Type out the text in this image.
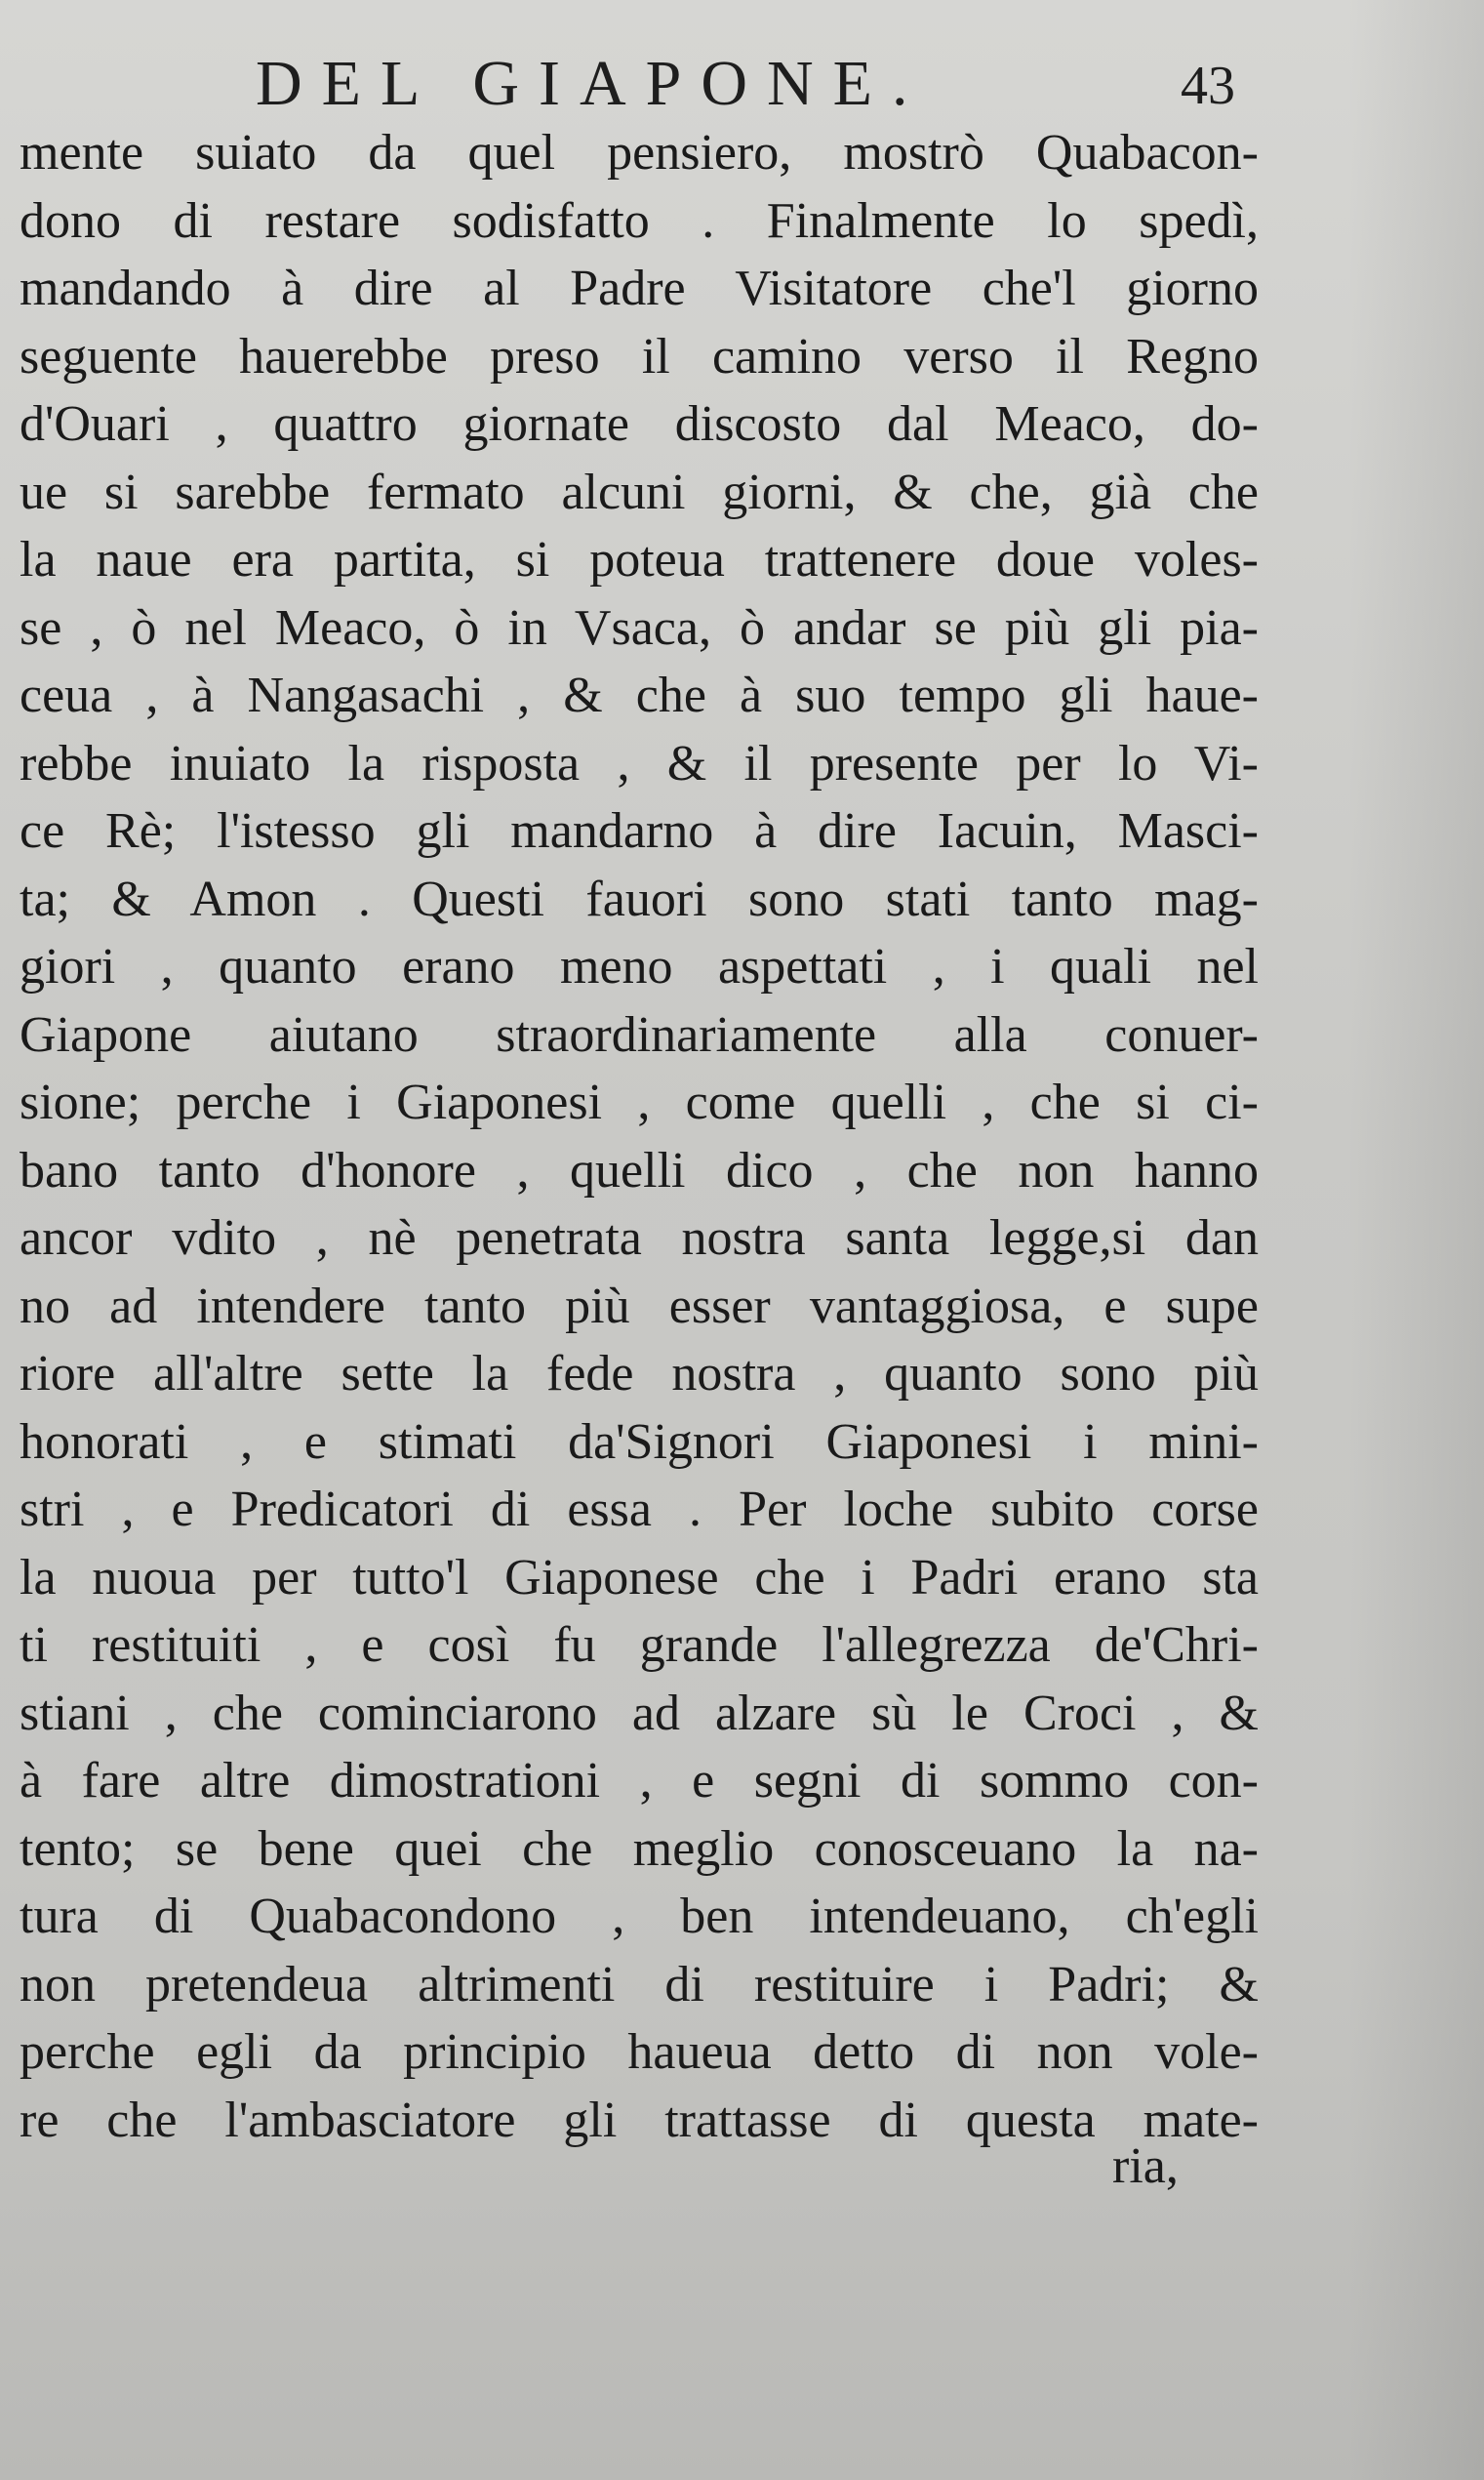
DEL GIAPONE.	43
mente suiato da quel pensiero, mostrò Quabacon-
dono di restare sodisfatto . Finalmente lo spedì,
mandando à dire al Padre Visitatore che'l giorno
seguente hauerebbe preso il camino verso il Regno
d'Ouari , quattro giornate discosto dal Meaco, do-
ue si sarebbe fermato alcuni giorni, & che, già che
la naue era partita, si poteua trattenere doue voles-
se , ò nel Meaco, ò in Vsaca, ò andar se più gli pia-
ceua , à Nangasachi , & che à suo tempo gli haue-
rebbe inuiato la risposta , & il presente per lo Vi-
ce Rè; l'istesso gli mandarno à dire Iacuin, Masci-
ta; & Amon . Questi fauori sono stati tanto mag-
giori , quanto erano meno aspettati , i quali nel
Giapone aiutano straordinariamente alla conuer-
sione; perche i Giaponesi , come quelli , che si ci-
bano tanto d'honore , quelli dico , che non hanno
ancor vdito , nè penetrata nostra santa legge,si dan
no ad intendere tanto più esser vantaggiosa, e supe
riore all'altre sette la fede nostra , quanto sono più
honorati , e stimati da'Signori Giaponesi i mini-
stri , e Predicatori di essa . Per loche subito corse
la nuoua per tutto'l Giaponese che i Padri erano sta
ti restituiti , e così fu grande l'allegrezza de'Chri-
stiani , che cominciarono ad alzare sù le Croci , &
à fare altre dimostrationi , e segni di sommo con-
tento; se bene quei che meglio conosceuano la na-
tura di Quabacondono , ben intendeuano, ch'egli
non pretendeua altrimenti di restituire i Padri; &
perche egli da principio haueua detto di non vole-
re che l'ambasciatore gli trattasse di questa mate-
ria,
